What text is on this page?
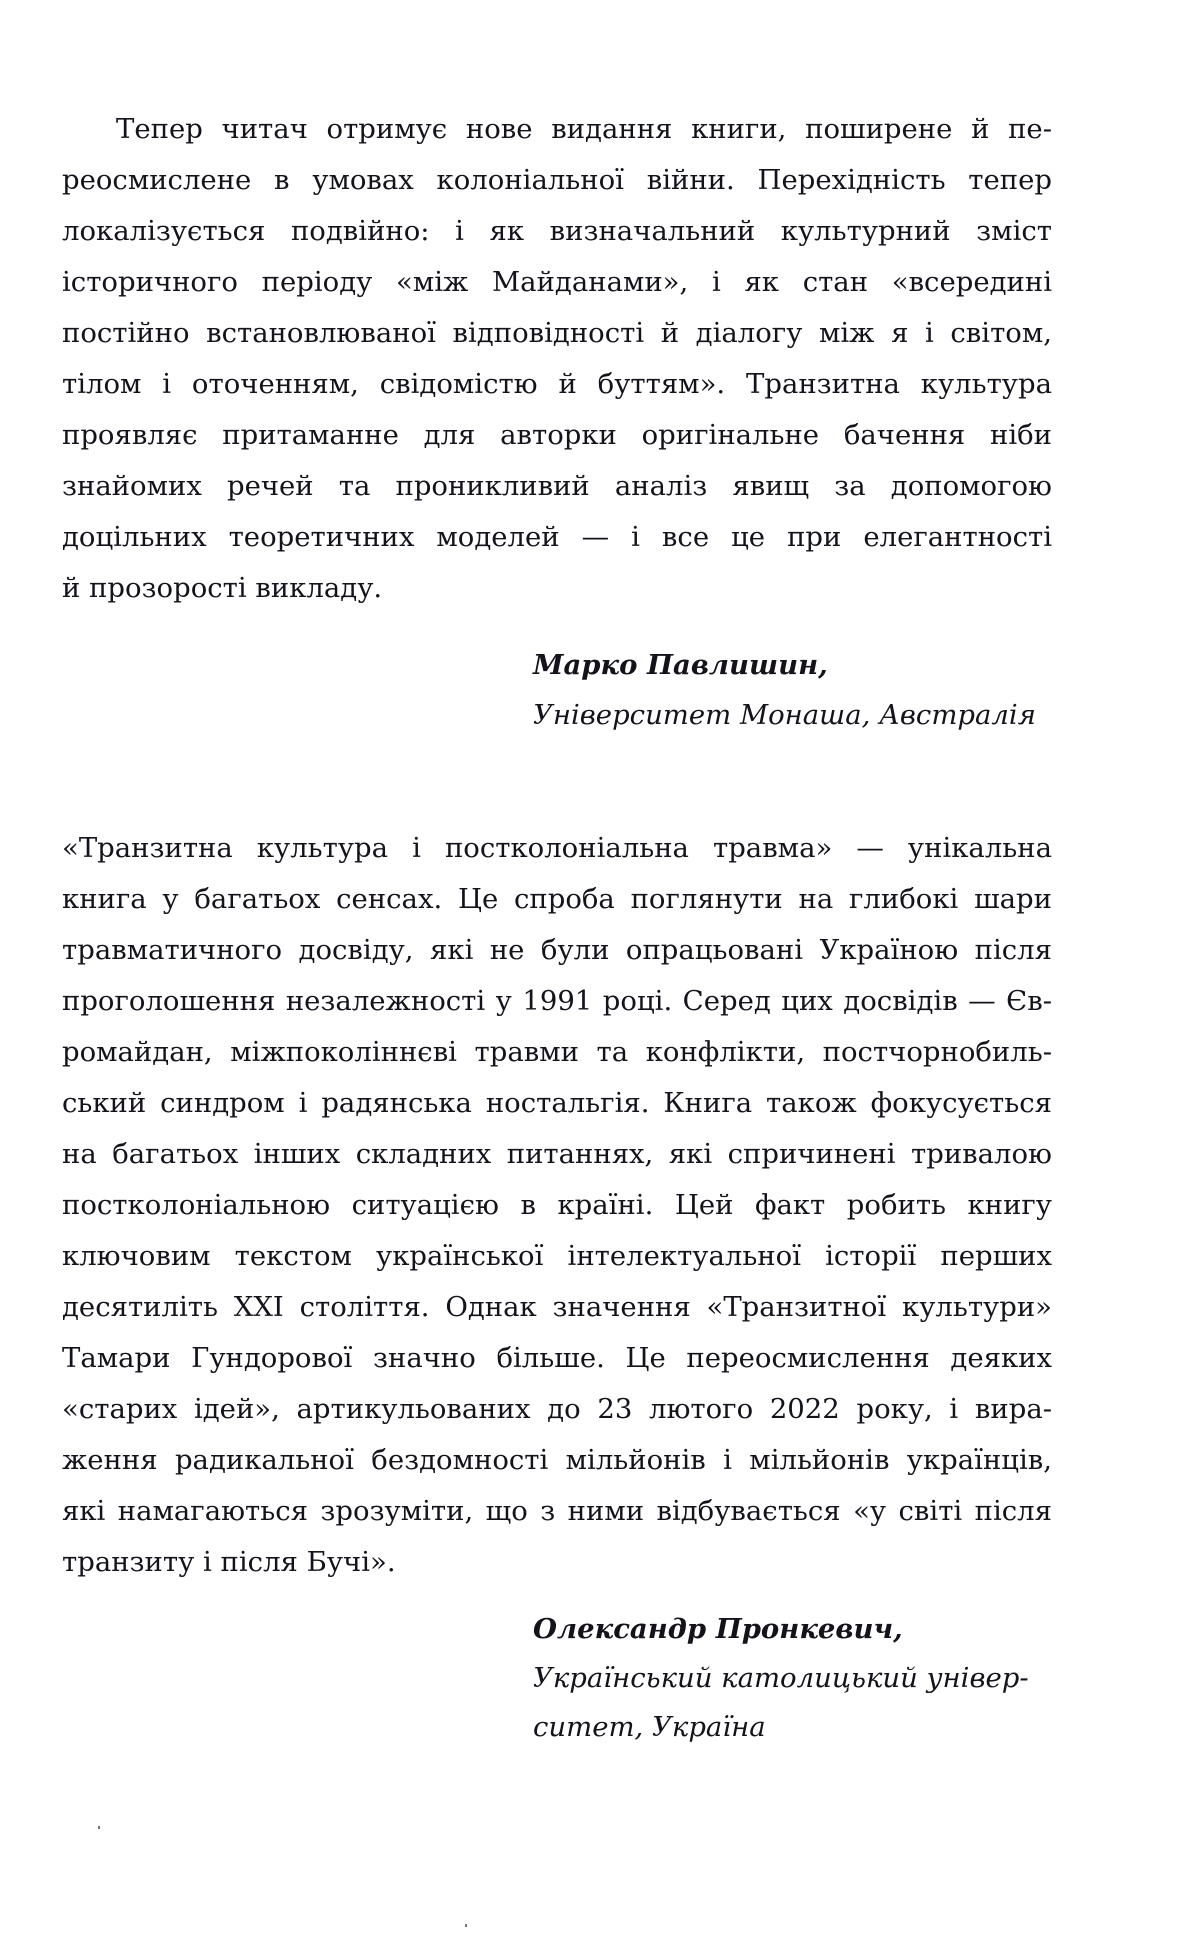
Тепер читач отримує нове видання книги, поширене й пе-
реосмислене в умовах колоніальної війни. Перехідність тепер
локалізується подвійно: і як визначальний культурний зміст
історичного періоду «між Майданами», і як стан «всередині
постійно встановлюваної відповідності й діалогу між я і світом,
тілом і оточенням, свідомістю й буттям». Транзитна культура
проявляє притаманне для авторки оригінальне бачення ніби
знайомих речей та проникливий аналіз явищ за допомогою
доцільних теоретичних моделей — і все це при елегантності
й прозорості викладу.
Марко Павлишин,
Університет Монаша, Австралія
«Транзитна культура і постколоніальна травма» — унікальна
книга у багатьох сенсах. Це спроба поглянути на глибокі шари
травматичного досвіду, які не були опрацьовані Україною після
проголошення незалежності у 1991 році. Серед цих досвідів — Єв-
ромайдан, міжпоколіннєві травми та конфлікти, постчорнобиль-
ський синдром і радянська ностальгія. Книга також фокусується
на багатьох інших складних питаннях, які спричинені тривалою
постколоніальною ситуацією в країні. Цей факт робить книгу
ключовим текстом української інтелектуальної історії перших
десятиліть XXI століття. Однак значення «Транзитної культури»
Тамари Гундорової значно більше. Це переосмислення деяких
«старих ідей», артикульованих до 23 лютого 2022 року, і вира-
ження радикальної бездомності мільйонів і мільйонів українців,
які намагаються зрозуміти, що з ними відбувається «у світі після
транзиту і після Бучі».
Олександр Пронкевич,
Український католицький універ-
ситет, Україна
